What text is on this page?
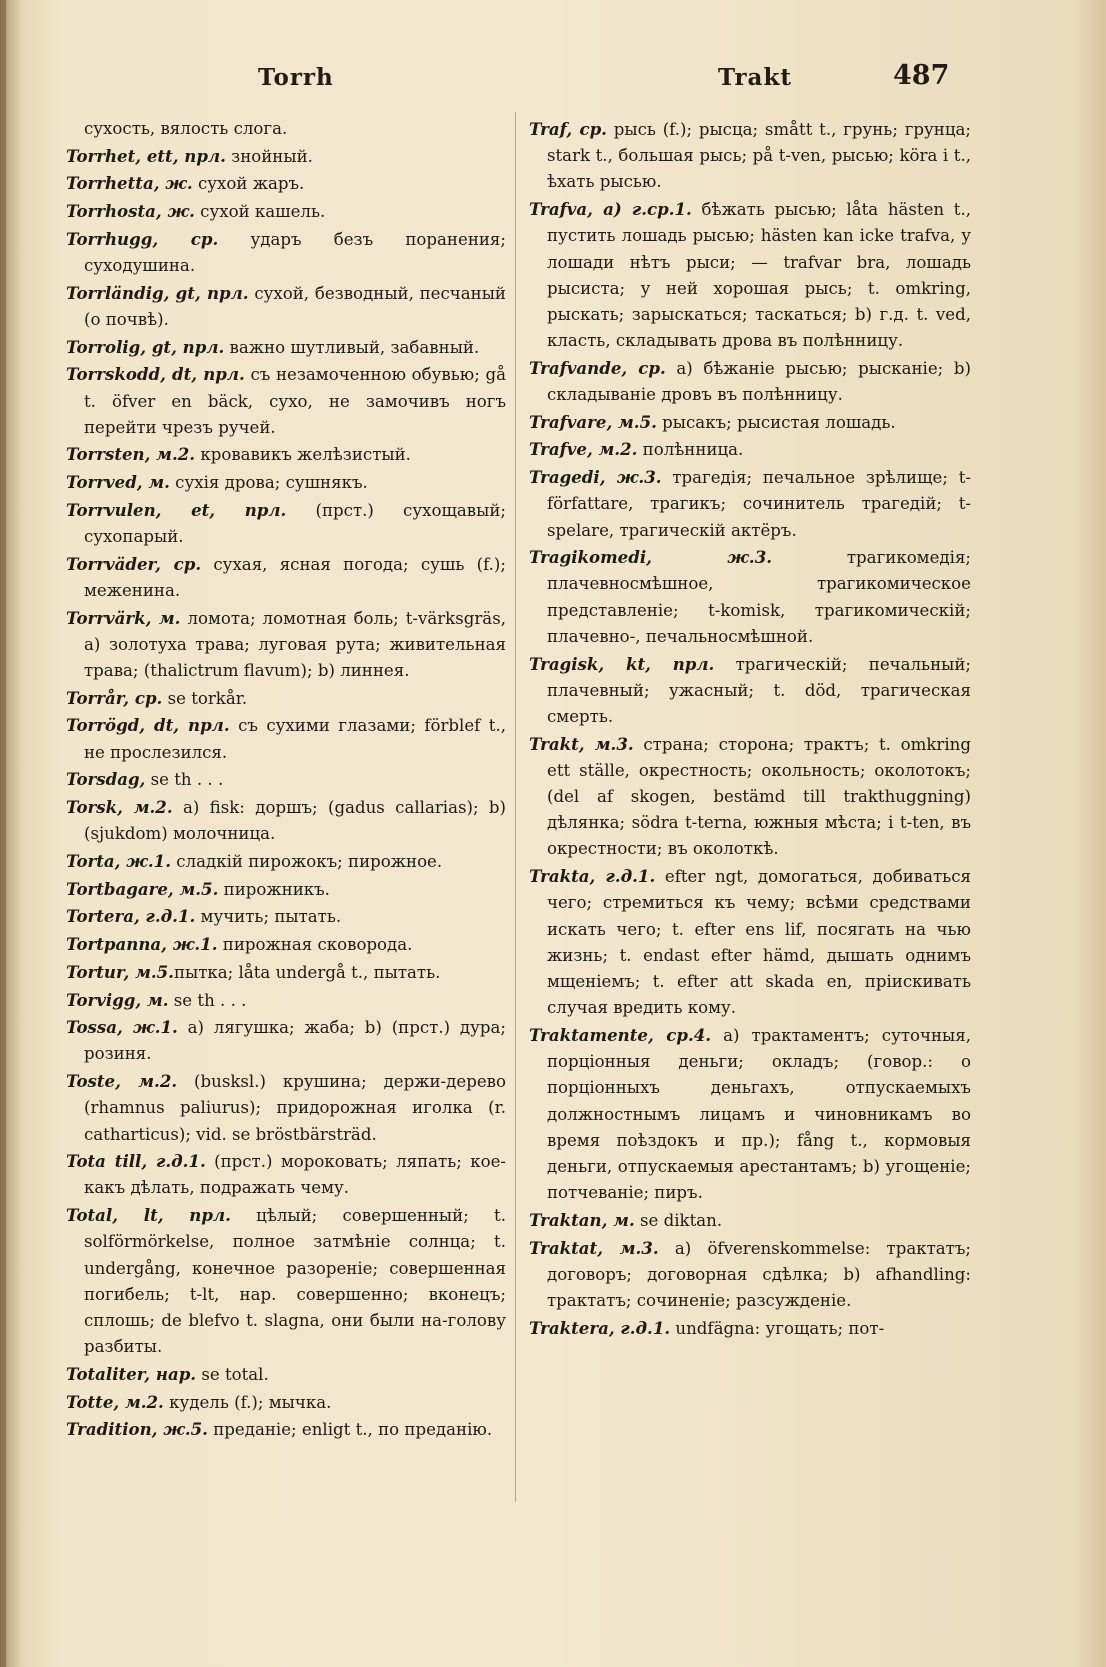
Torrh	Trakt	487
сухость, вялость слога.
Torrhet, ett, прл. знойный.
Torrhetta, ж. сухой жаръ.
Torrhosta, ж. сухой кашель.
Torrhugg, ср. ударъ безъ поранения; суходушина.
Torrländig, gt, прл. сухой, безводный, песчаный (о почвѣ).
Torrolig, gt, прл. важно шутливый, забавный.
Torrskodd, dt, прл. съ незамоченною обувью; gå t. öfver en bäck, сухо, не замочивъ ногъ перейти чрезъ ручей.
Torrsten, м.2. кровавикъ желѣзистый.
Torrved, м. сухія дрова; сушнякъ.
Torrvulen, et, прл. (прст.) сухощавый; сухопарый.
Torrväder, ср. сухая, ясная погода; сушь (f.); меженина.
Torrvärk, м. ломота; ломотная боль; t-värksgräs, a) золотуха трава; луговая рута; живительная трава; (thalictrum flavum); b) линнея.
Torrår, ср. se torkår.
Torrögd, dt, прл. съ сухими глазами; förblef t., не прослезился.
Torsdag, se th . . .
Torsk, м.2. a) fisk: доршъ; (gadus callarias); b) (sjukdom) молочница.
Torta, ж.1. сладкій пирожокъ; пирожное.
Tortbagare, м.5. пирожникъ.
Tortera, г.д.1. мучить; пытать.
Tortpanna, ж.1. пирожная сковорода.
Tortur, м.5.пытка; låta undergå t., пытать.
Torvigg, м. se th . . .
Tossa, ж.1. a) лягушка; жаба; b) (прст.) дура; розиня.
Toste, м.2. (busksl.) крушина; держи-дерево (rhamnus paliurus); придорожная иголка (r. catharticus); vid. se bröstbärsträd.
Tota till, г.д.1. (прст.) мороковать; ляпать; кое-какъ дѣлать, подражать чему.
Total, lt, прл. цѣлый; совершенный; t. solförmörkelse, полное затмѣніе солнца; t. undergång, конечное разореніе; совершенная погибель; t-lt, нар. совершенно; вконецъ; сплошь; de blefvo t. slagna, они были на-голову разбиты.
Totaliter, нар. se total.
Totte, м.2. кудель (f.); мычка.
Tradition, ж.5. преданіе; enligt t., по преданію.
Traf, ср. рысь (f.); рысца; smått t., грунь; грунца; stark t., большая рысь; på t-ven, рысью; köra i t., ѣхать рысью.
Trafva, a) г.ср.1. бѣжать рысью; låta hästen t., пустить лошадь рысью; hästen kan icke trafva, у лошади нѣтъ рыси; — trafvar bra, лошадь рысиста; у ней хорошая рысь; t. omkring, рыскать; зарыскаться; таскаться; b) г.д. t. ved, класть, складывать дрова въ полѣнницу.
Trafvande, ср. a) бѣжаніе рысью; рысканіе; b) складываніе дровъ въ полѣнницу.
Trafvare, м.5. рысакъ; рысистая лошадь.
Trafve, м.2. полѣнница.
Tragedi, ж.3. трагедія; печальное зрѣлище; t-författare, трагикъ; сочинитель трагедій; t-spelare, трагическій актёръ.
Tragikomedi, ж.3. трагикомедія; плачевносмѣшное, трагикомическое представленіе; t-komisk, трагикомическій; плачевно-, печальносмѣшной.
Tragisk, kt, прл. трагическій; печальный; плачевный; ужасный; t. död, трагическая смерть.
Trakt, м.3. страна; сторона; трактъ; t. omkring ett ställe, окрестность; окольность; околотокъ; (del af skogen, bestämd till trakthuggning) дѣлянка; södra t-terna, южныя мѣста; i t-ten, въ окрестности; въ околоткѣ.
Trakta, г.д.1. efter ngt, домогаться, добиваться чего; стремиться къ чему; всѣми средствами искать чего; t. efter ens lif, посягать на чью жизнь; t. endast efter hämd, дышать однимъ мщеніемъ; t. efter att skada en, пріискивать случая вредить кому.
Traktamente, ср.4. a) трактаментъ; суточныя, порціонныя деньги; окладъ; (говор.: о порціонныхъ деньгахъ, отпускаемыхъ должностнымъ лицамъ и чиновникамъ во время поѣздокъ и пр.); fång t., кормовыя деньги, отпускаемыя арестантамъ; b) угощеніе; потчеваніе; пиръ.
Traktan, м. se diktan.
Traktat, м.3. a) öfverenskommelse: трактатъ; договоръ; договорная сдѣлка; b) afhandling: трактатъ; сочиненіе; разсужденіе.
Traktera, г.д.1. undfägna: угощать; пот-
